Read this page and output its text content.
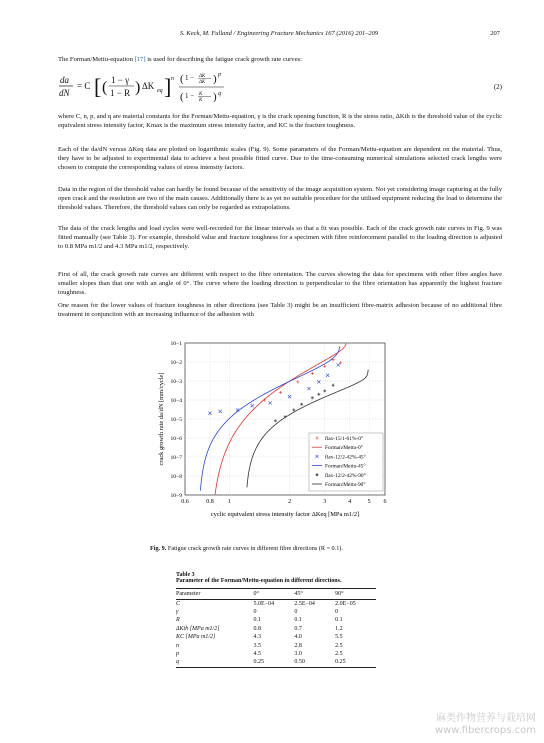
S. Keck, M. Fulland / Engineering Fracture Mechanics 167 (2016) 201–209	207
The Forman/Mettu-equation [17] is used for describing the fatigue crack growth rate curves:
da
dN
= C [ ( 1 − γ
1 − R ) ΔK eq ] n ( 1 − ΔK
ΔK ) p
( 1 − K
K ) q
(2)
where C, n, p, and q are material constants for the Forman/Mettu-equation, γ is the crack opening function, R is the stress ratio, ΔKth is the threshold value of the cyclic equivalent stress intensity factor, Kmax is the maximum stress intensity factor, and KC is the fracture toughness.
Each of the da/dN versus ΔKeq data are plotted on logarithmic scales (Fig. 9). Some parameters of the Forman/Mettu-equation are dependent on the material. Thus, they have to be adjusted to experimental data to achieve a best possible fitted curve. Due to the time-consuming numerical simulations selected crack lengths were chosen to compute the corresponding values of stress intensity factors.
Data in the region of the threshold value can hardly be found because of the sensitivity of the image acquisition system. Not yet considering image capturing at the fully open crack and the resolution are two of the main causes. Additionally there is as yet no suitable procedure for the utilised equipment reducing the load to determine the threshold values. Therefore, the threshold values can only be regarded as extrapolations.
The data of the crack lengths and load cycles were well-recorded for the linear intervals so that a fit was possible. Each of the crack growth rate curves in Fig. 9 was fitted manually (see Table 3). For example, threshold value and fracture toughness for a specimen with fibre reinforcement parallel to the loading direction is adjusted to 0.8 MPa m1/2 and 4.3 MPa m1/2, respectively.
First of all, the crack growth rate curves are different with respect to the fibre orientation. The curves showing the data for specimens with other fibre angles have smaller slopes than that one with an angle of 0°. The curve where the loading direction is perpendicular to the fibre orientation has apparently the highest fracture toughness.
One reason for the lower values of fracture toughness in other directions (see Table 3) might be an insufficient fibre-matrix adhesion because of no additional fibre treatment in conjunction with an increasing influence of the adhesion with
0.6	0.8 1	2	3	4	5 6
10−9
10−8
10−7
10−6
10−5
10−4
10−3
10−2
10−1
cyclic equivalent stress intensity factor ΔKeq [MPa m1/2]
crack growth rate da/dN [mm/cycle]	flax-15/1-61%-0°
Forman/Mettu-0°
flax-12/2-42%-45°
Forman/Mettu-45°
flax-12/2-42%-90°
Forman/Mettu-90°
Fig. 9. Fatigue crack growth rate curves in different fibre directions (R = 0.1).
Table 3
Parameter of the Forman/Mettu-equation in different directions.
Parameter	0°	45°	90°
C	5.0E−04	2.5E−04	2.0E−05
γ	0	0	0
R	0.1	0.1	0.1
ΔKth [MPa m1/2]	0.8	0.7	1.2
KC [MPa m1/2]	4.3	4.0	5.5
n	3.5	2.8	2.5
p	4.5	3.0	2.5
q	0.25	0.50	0.25
麻类作物营养与栽培网
www.fibercrops.com
